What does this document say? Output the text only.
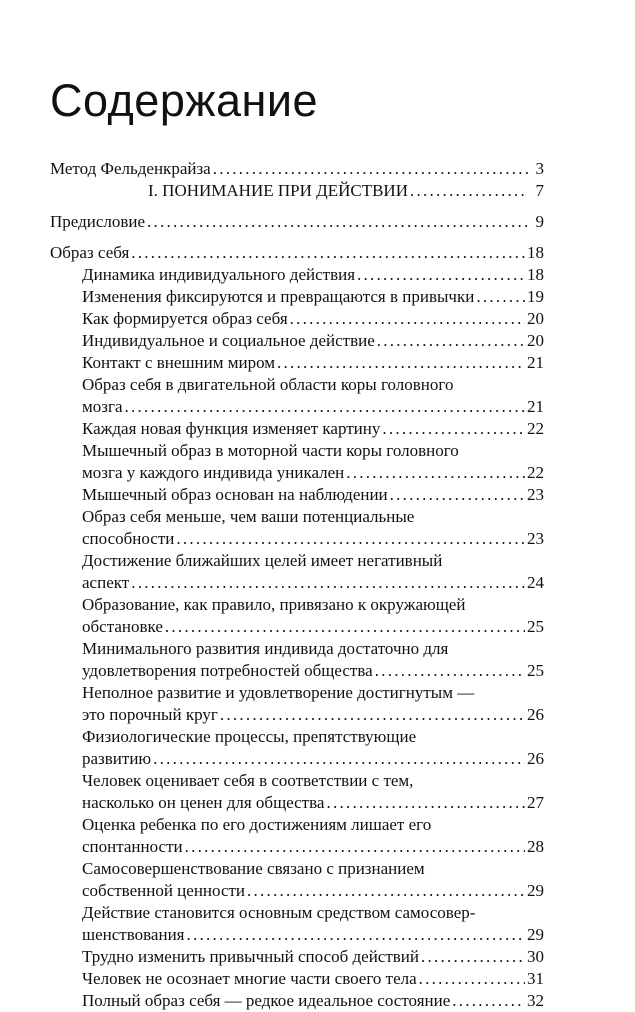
Содержание
Метод Фельденкрайза . . .	3
I. ПОНИМАНИЕ ПРИ ДЕЙСТВИИ . . .	7
Предисловие . . .	9
Образ себя . . .	18
Динамика индивидуального действия . . .	18
Изменения фиксируются и превращаются в привычки . . .	19
Как формируется образ себя . . .	20
Индивидуальное и социальное действие . . .	20
Контакт с внешним миром . . .	21
Образ себя в двигательной области коры головного
мозга . . .	21
Каждая новая функция изменяет картину . . .	22
Мышечный образ в моторной части коры головного
мозга у каждого индивида уникален . . .	22
Мышечный образ основан на наблюдении . . .	23
Образ себя меньше, чем ваши потенциальные
способности . . .	23
Достижение ближайших целей имеет негативный
аспект . . .	24
Образование, как правило, привязано к окружающей
обстановке . . .	25
Минимального развития индивида достаточно для
удовлетворения потребностей общества . . .	25
Неполное развитие и удовлетворение достигнутым —
это порочный круг . . .	26
Физиологические процессы, препятствующие
развитию . . .	26
Человек оценивает себя в соответствии с тем,
насколько он ценен для общества . . .	27
Оценка ребенка по его достижениям лишает его
спонтанности . . .	28
Самосовершенствование связано с признанием
собственной ценности . . .	29
Действие становится основным средством самосовер-
шенствования . . .	29
Трудно изменить привычный способ действий . . .	30
Человек не осознает многие части своего тела . . .	31
Полный образ себя — редкое идеальное состояние . . .	32
